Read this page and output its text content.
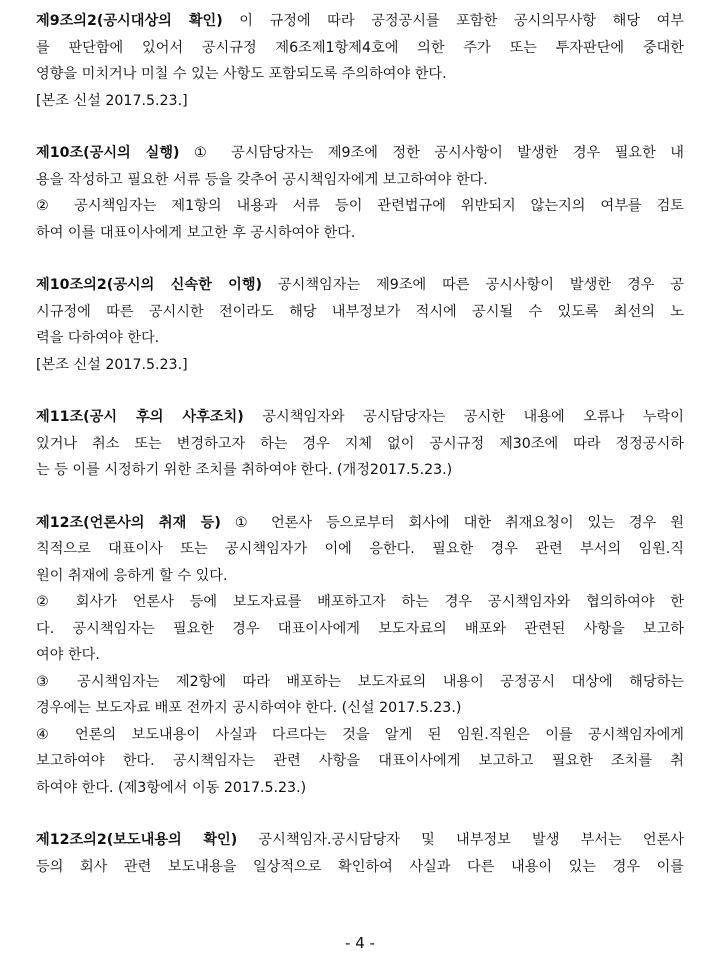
제9조의2(공시대상의 확인) 이 규정에 따라 공정공시를 포함한 공시의무사항 해당 여부
를 판단함에 있어서 공시규정 제6조제1항제4호에 의한 주가 또는 투자판단에 중대한
영향을 미치거나 미칠 수 있는 사항도 포함되도록 주의하여야 한다.
[본조 신설 2017.5.23.]
제10조(공시의 실행) ① 공시담당자는 제9조에 정한 공시사항이 발생한 경우 필요한 내
용을 작성하고 필요한 서류 등을 갖추어 공시책임자에게 보고하여야 한다.
② 공시책임자는 제1항의 내용과 서류 등이 관련법규에 위반되지 않는지의 여부를 검토
하여 이를 대표이사에게 보고한 후 공시하여야 한다.
제10조의2(공시의 신속한 이행) 공시책임자는 제9조에 따른 공시사항이 발생한 경우 공
시규정에 따른 공시시한 전이라도 해당 내부정보가 적시에 공시될 수 있도록 최선의 노
력을 다하여야 한다.
[본조 신설 2017.5.23.]
제11조(공시 후의 사후조치) 공시책임자와 공시담당자는 공시한 내용에 오류나 누락이
있거나 취소 또는 변경하고자 하는 경우 지체 없이 공시규정 제30조에 따라 정정공시하
는 등 이를 시정하기 위한 조치를 취하여야 한다. (개정2017.5.23.)
제12조(언론사의 취재 등) ① 언론사 등으로부터 회사에 대한 취재요청이 있는 경우 원
칙적으로 대표이사 또는 공시책임자가 이에 응한다. 필요한 경우 관련 부서의 임원.직
원이 취재에 응하게 할 수 있다.
② 회사가 언론사 등에 보도자료를 배포하고자 하는 경우 공시책임자와 협의하여야 한
다. 공시책임자는 필요한 경우 대표이사에게 보도자료의 배포와 관련된 사항을 보고하
여야 한다.
③ 공시책임자는 제2항에 따라 배포하는 보도자료의 내용이 공정공시 대상에 해당하는
경우에는 보도자료 배포 전까지 공시하여야 한다. (신설 2017.5.23.)
④ 언론의 보도내용이 사실과 다르다는 것을 알게 된 임원.직원은 이를 공시책임자에게
보고하여야 한다. 공시책임자는 관련 사항을 대표이사에게 보고하고 필요한 조치를 취
하여야 한다. (제3항에서 이동 2017.5.23.)
제12조의2(보도내용의 확인) 공시책임자.공시담당자 및 내부정보 발생 부서는 언론사
등의 회사 관련 보도내용을 일상적으로 확인하여 사실과 다른 내용이 있는 경우 이를
- 4 -
